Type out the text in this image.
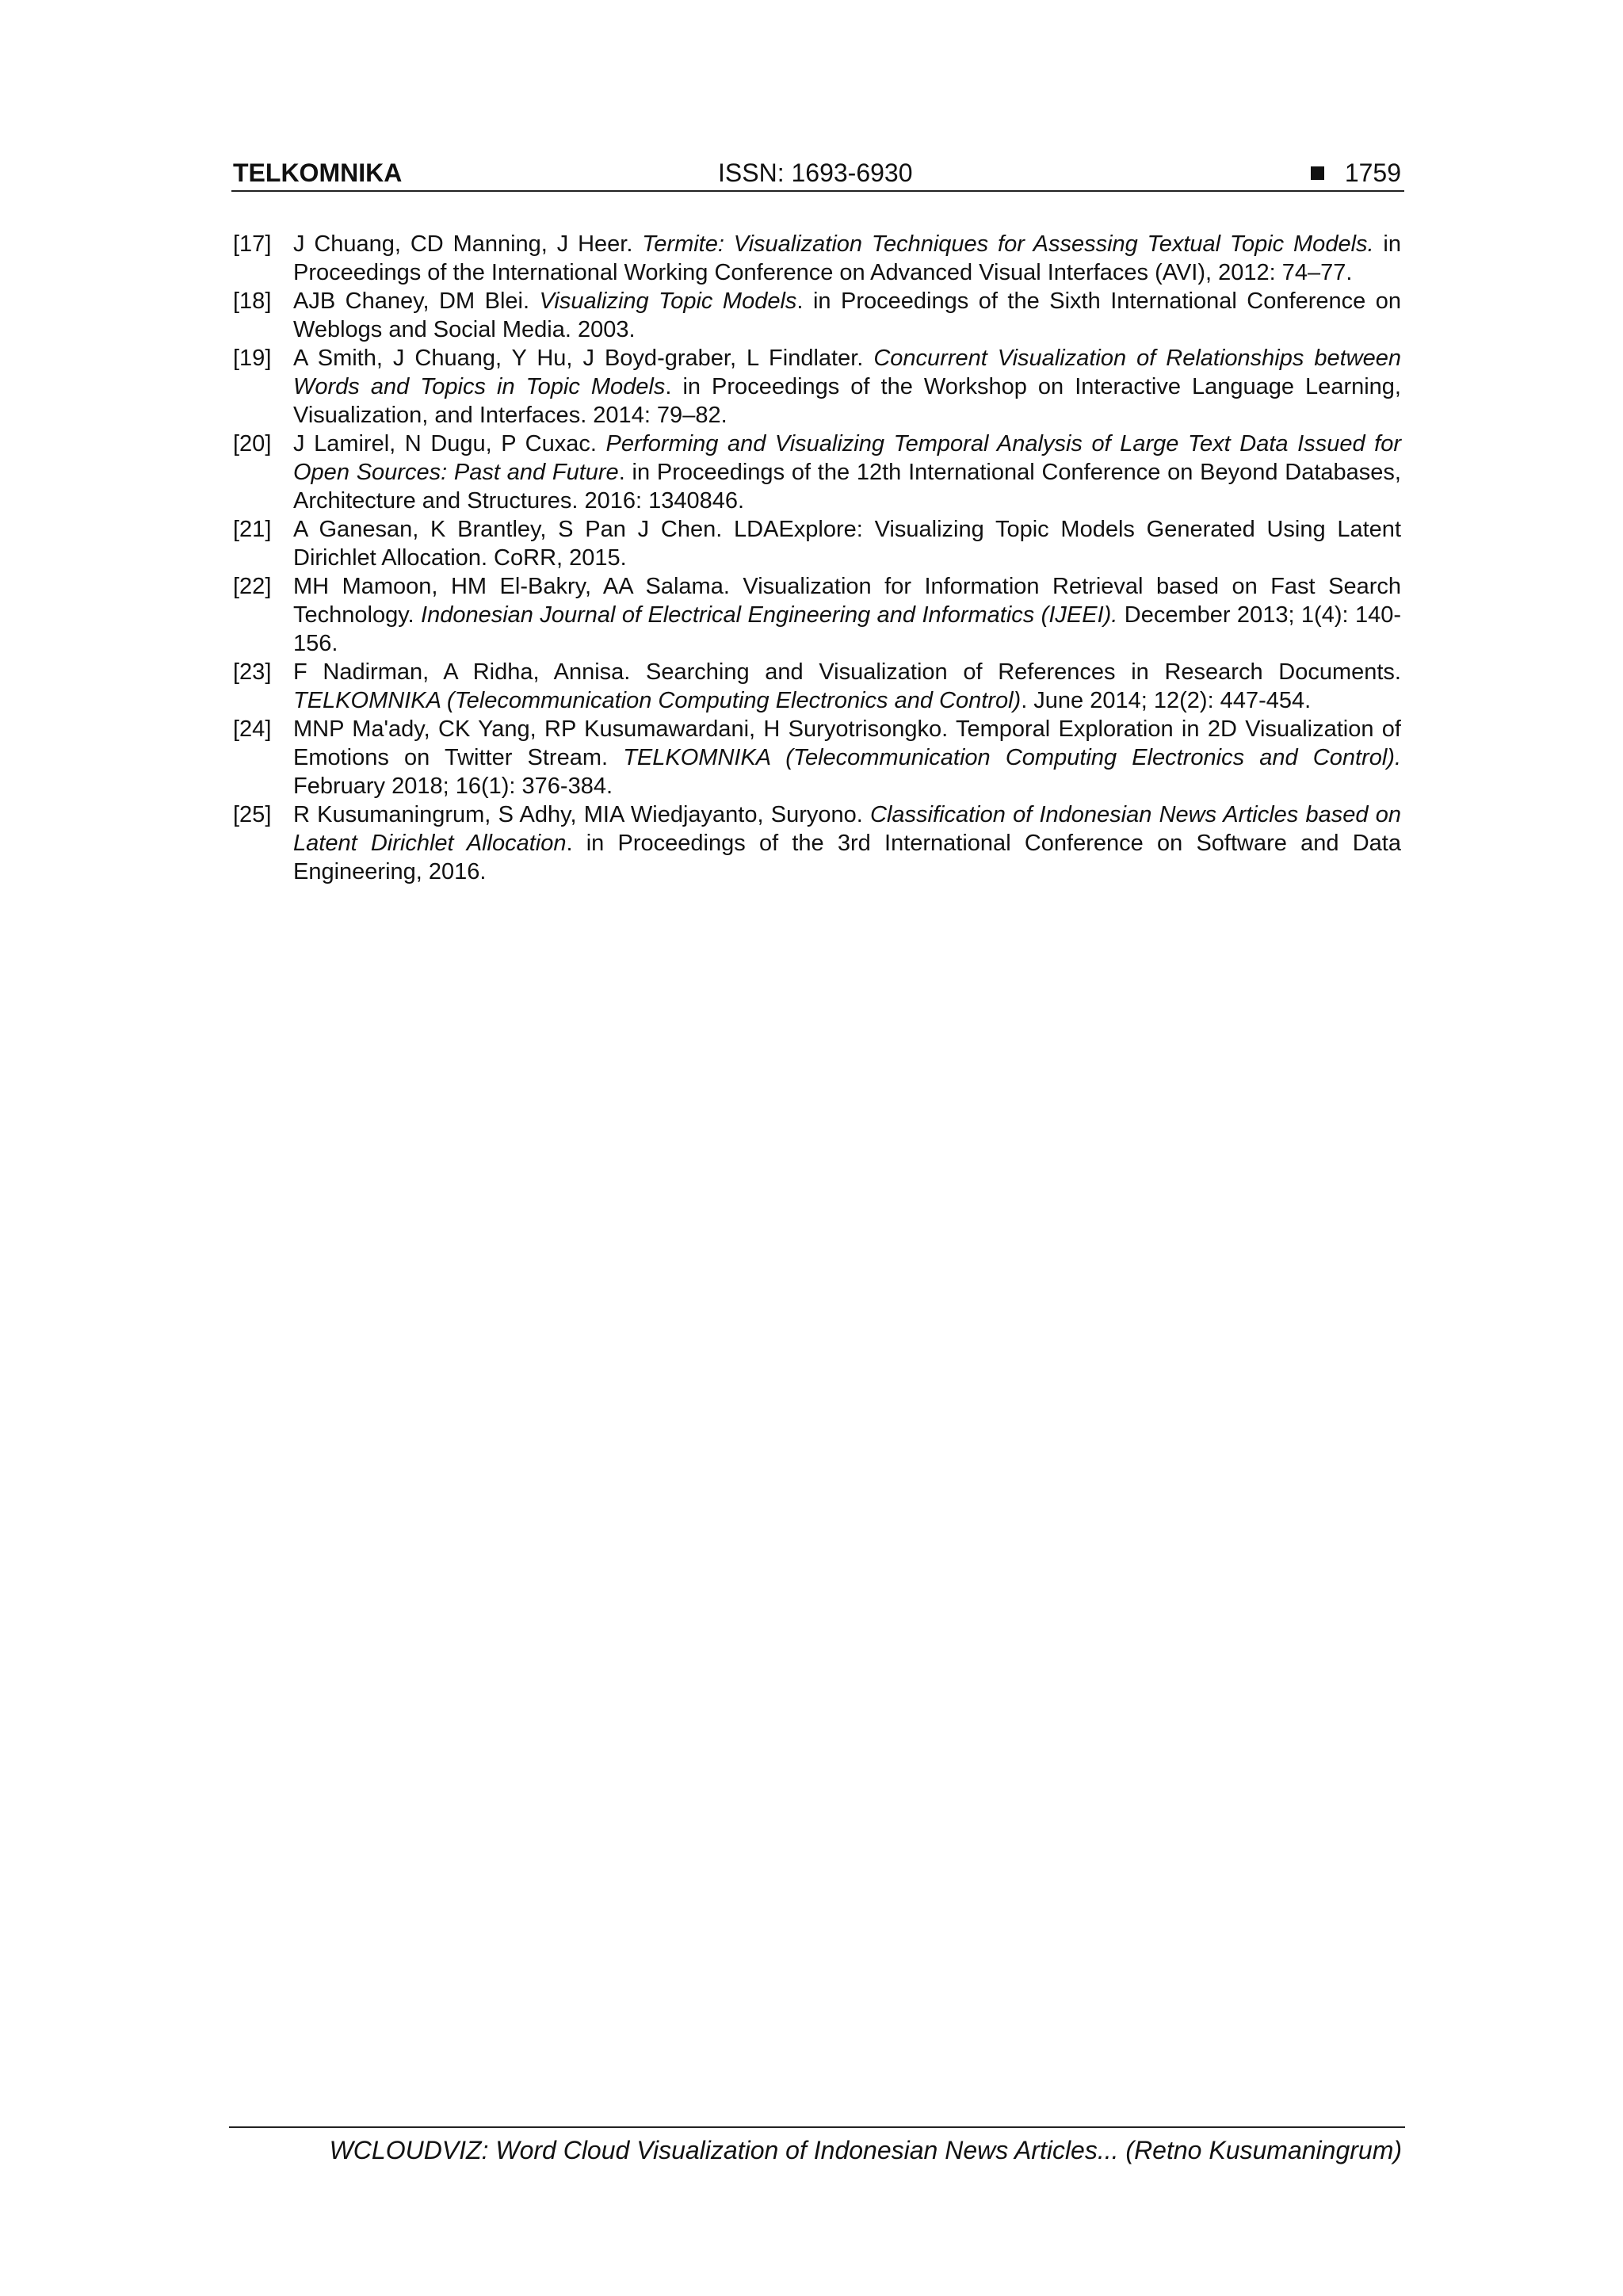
TELKOMNIKA	ISSN: 1693-6930	1759

[17] J Chuang, CD Manning, J Heer. Termite: Visualization Techniques for Assessing Textual Topic Models. in Proceedings of the International Working Conference on Advanced Visual Interfaces (AVI), 2012: 74–77.

[18] AJB Chaney, DM Blei. Visualizing Topic Models. in Proceedings of the Sixth International Conference on Weblogs and Social Media. 2003.

[19] A Smith, J Chuang, Y Hu, J Boyd-graber, L Findlater. Concurrent Visualization of Relationships between Words and Topics in Topic Models. in Proceedings of the Workshop on Interactive Language Learning, Visualization, and Interfaces. 2014: 79–82.

[20] J Lamirel, N Dugu, P Cuxac. Performing and Visualizing Temporal Analysis of Large Text Data Issued for Open Sources: Past and Future. in Proceedings of the 12th International Conference on Beyond Databases, Architecture and Structures. 2016: 1340846.

[21] A Ganesan, K Brantley, S Pan J Chen. LDAExplore: Visualizing Topic Models Generated Using Latent Dirichlet Allocation. CoRR, 2015.

[22] MH Mamoon, HM El-Bakry, AA Salama. Visualization for Information Retrieval based on Fast Search Technology. Indonesian Journal of Electrical Engineering and Informatics (IJEEI). December 2013; 1(4): 140-156.

[23] F Nadirman, A Ridha, Annisa. Searching and Visualization of References in Research Documents. TELKOMNIKA (Telecommunication Computing Electronics and Control). June 2014; 12(2): 447-454.

[24] MNP Ma'ady, CK Yang, RP Kusumawardani, H Suryotrisongko. Temporal Exploration in 2D Visualization of Emotions on Twitter Stream. TELKOMNIKA (Telecommunication Computing Electronics and Control). February 2018; 16(1): 376-384.

[25] R Kusumaningrum, S Adhy, MIA Wiedjayanto, Suryono. Classification of Indonesian News Articles based on Latent Dirichlet Allocation. in Proceedings of the 3rd International Conference on Software and Data Engineering, 2016.

WCLOUDVIZ: Word Cloud Visualization of Indonesian News Articles... (Retno Kusumaningrum)
